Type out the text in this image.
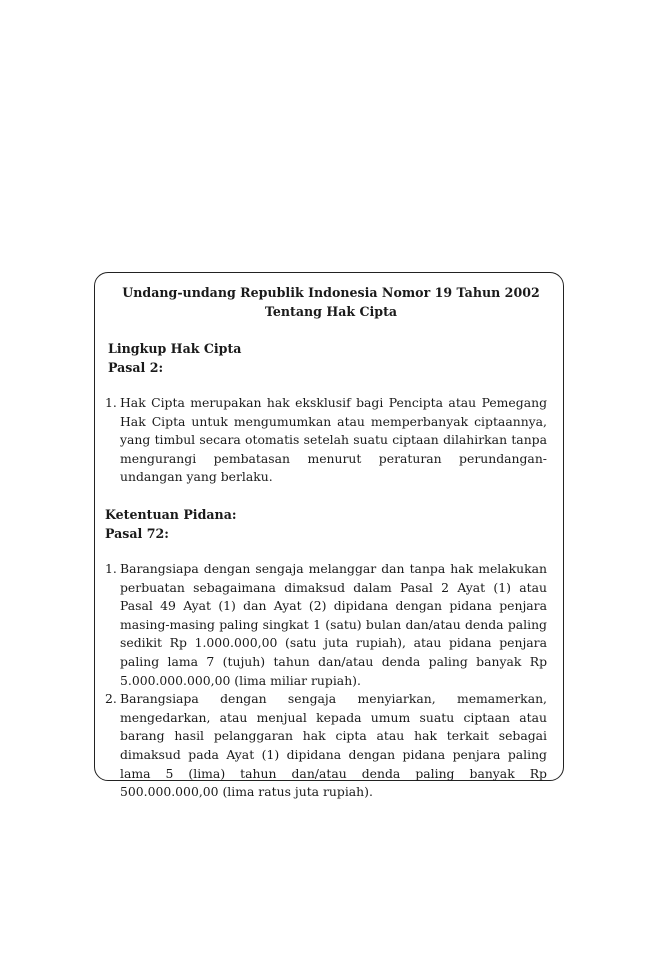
Undang-undang Republik Indonesia Nomor 19 Tahun 2002

Tentang Hak Cipta

Lingkup Hak Cipta

Pasal 2:

1. Hak Cipta merupakan hak eksklusif bagi Pencipta atau Pemegang Hak Cipta untuk mengumumkan atau memperbanyak ciptaannya, yang timbul secara otomatis setelah suatu ciptaan dilahirkan tanpa mengurangi pembatasan menurut peraturan perundangan-undangan yang berlaku.

Ketentuan Pidana:

Pasal 72:

1. Barangsiapa dengan sengaja melanggar dan tanpa hak melakukan perbuatan sebagaimana dimaksud dalam Pasal 2 Ayat (1) atau Pasal 49 Ayat (1) dan Ayat (2) dipidana dengan pidana penjara masing-masing paling singkat 1 (satu) bulan dan/atau denda paling sedikit Rp 1.000.000,00 (satu juta rupiah), atau pidana penjara paling lama 7 (tujuh) tahun dan/atau denda paling banyak Rp 5.000.000.000,00 (lima miliar rupiah).
2. Barangsiapa dengan sengaja menyiarkan, memamerkan, mengedarkan, atau menjual kepada umum suatu ciptaan atau barang hasil pelanggaran hak cipta atau hak terkait sebagai dimaksud pada Ayat (1) dipidana dengan pidana penjara paling lama 5 (lima) tahun dan/atau denda paling banyak Rp 500.000.000,00 (lima ratus juta rupiah).
